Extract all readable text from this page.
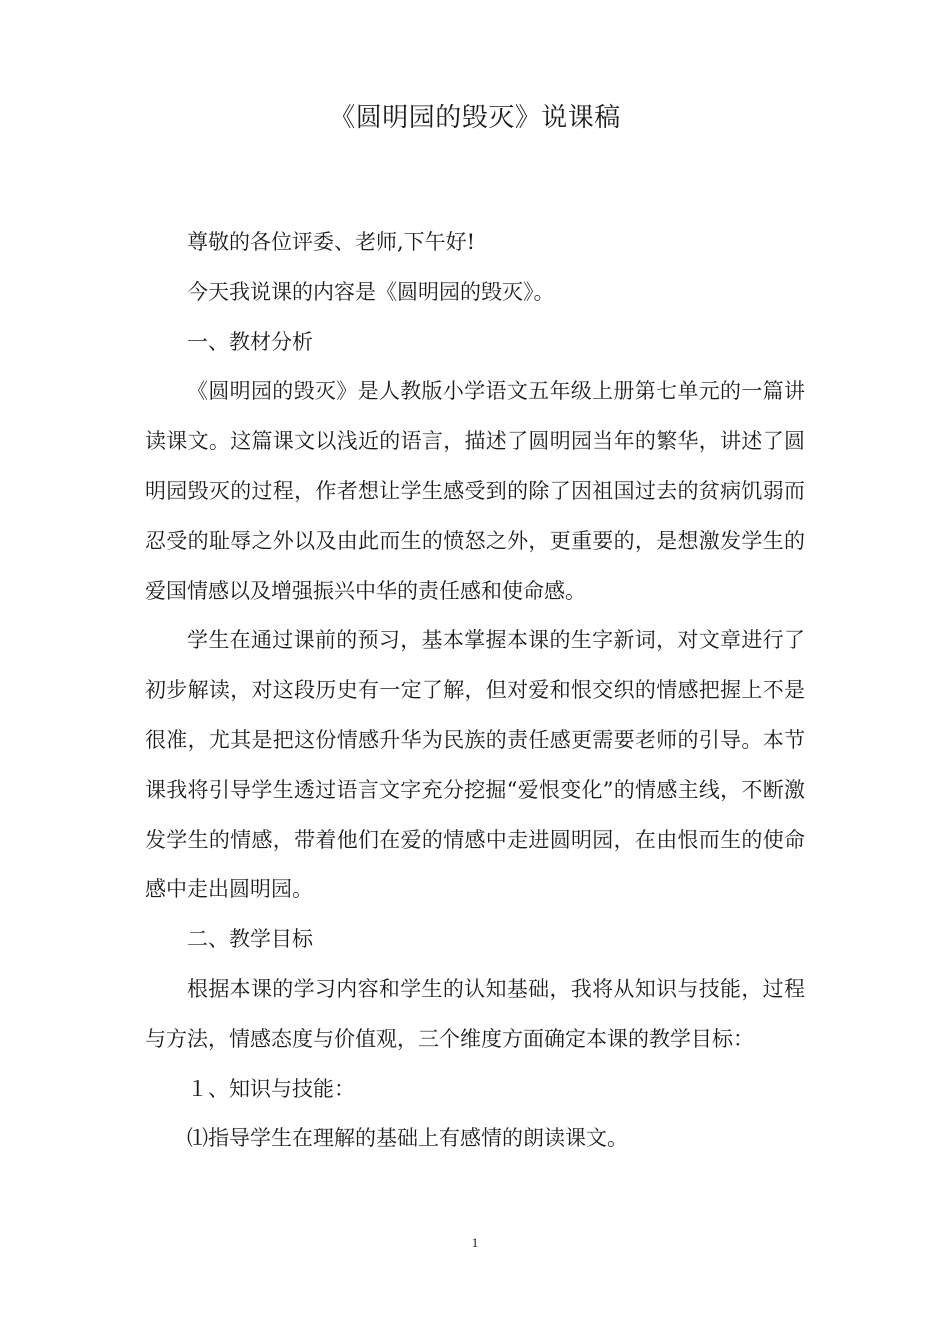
《圆明园的毁灭》说课稿

尊敬的各位评委、老师,下午好!

今天我说课的内容是《圆明园的毁灭》。

一、教材分析

《圆明园的毁灭》是人教版小学语文五年级上册第七单元的一篇讲读课文。这篇课文以浅近的语言，描述了圆明园当年的繁华，讲述了圆明园毁灭的过程，作者想让学生感受到的除了因祖国过去的贫病饥弱而忍受的耻辱之外以及由此而生的愤怒之外，更重要的，是想激发学生的爱国情感以及增强振兴中华的责任感和使命感。

学生在通过课前的预习，基本掌握本课的生字新词，对文章进行了初步解读，对这段历史有一定了解，但对爱和恨交织的情感把握上不是很准，尤其是把这份情感升华为民族的责任感更需要老师的引导。本节课我将引导学生透过语言文字充分挖掘“爱恨变化”的情感主线，不断激发学生的情感，带着他们在爱的情感中走进圆明园，在由恨而生的使命感中走出圆明园。

二、教学目标

根据本课的学习内容和学生的认知基础，我将从知识与技能，过程与方法，情感态度与价值观，三个维度方面确定本课的教学目标：

１、知识与技能：

⑴指导学生在理解的基础上有感情的朗读课文。

1
